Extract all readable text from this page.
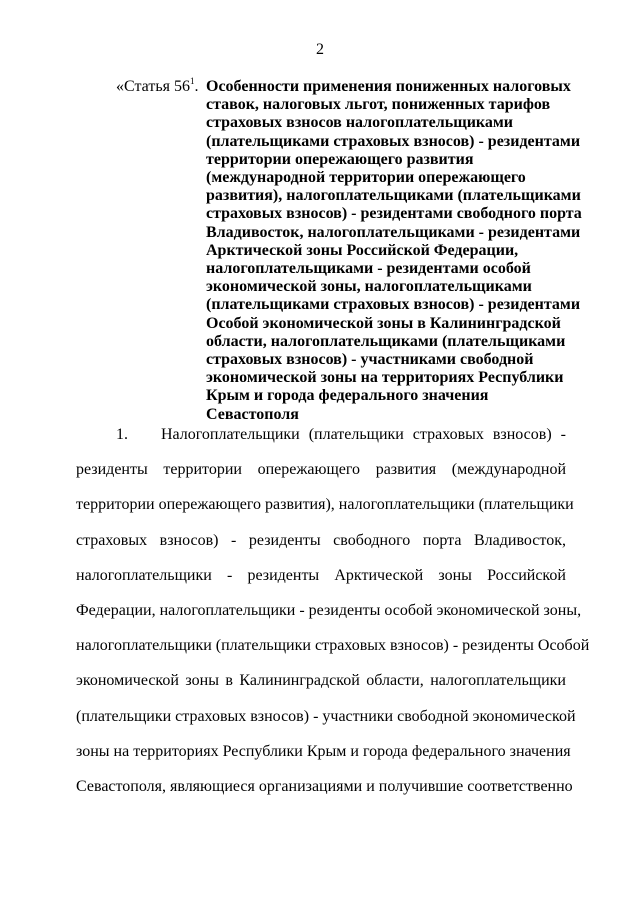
2
«Статья $56^1$. Особенности применения пониженных налоговых
ставок, налоговых льгот, пониженных тарифов
страховых взносов налогоплательщиками
(плательщиками страховых взносов) - резидентами
территории опережающего развития
(международной территории опережающего
развития), налогоплательщиками (плательщиками
страховых взносов) - резидентами свободного порта
Владивосток, налогоплательщиками - резидентами
Арктической зоны Российской Федерации,
налогоплательщиками - резидентами особой
экономической зоны, налогоплательщиками
(плательщиками страховых взносов) - резидентами
Особой экономической зоны в Калининградской
области, налогоплательщиками (плательщиками
страховых взносов) - участниками свободной
экономической зоны на территориях Республики
Крым и города федерального значения
Севастополя
1. Налогоплательщики (плательщики страховых взносов) -
резиденты территории опережающего развития (международной
территории опережающего развития), налогоплательщики (плательщики
страховых взносов) - резиденты свободного порта Владивосток,
налогоплательщики - резиденты Арктической зоны Российской
Федерации, налогоплательщики - резиденты особой экономической зоны,
налогоплательщики (плательщики страховых взносов) - резиденты Особой
экономической зоны в Калининградской области, налогоплательщики
(плательщики страховых взносов) - участники свободной экономической
зоны на территориях Республики Крым и города федерального значения
Севастополя, являющиеся организациями и получившие соответственно
